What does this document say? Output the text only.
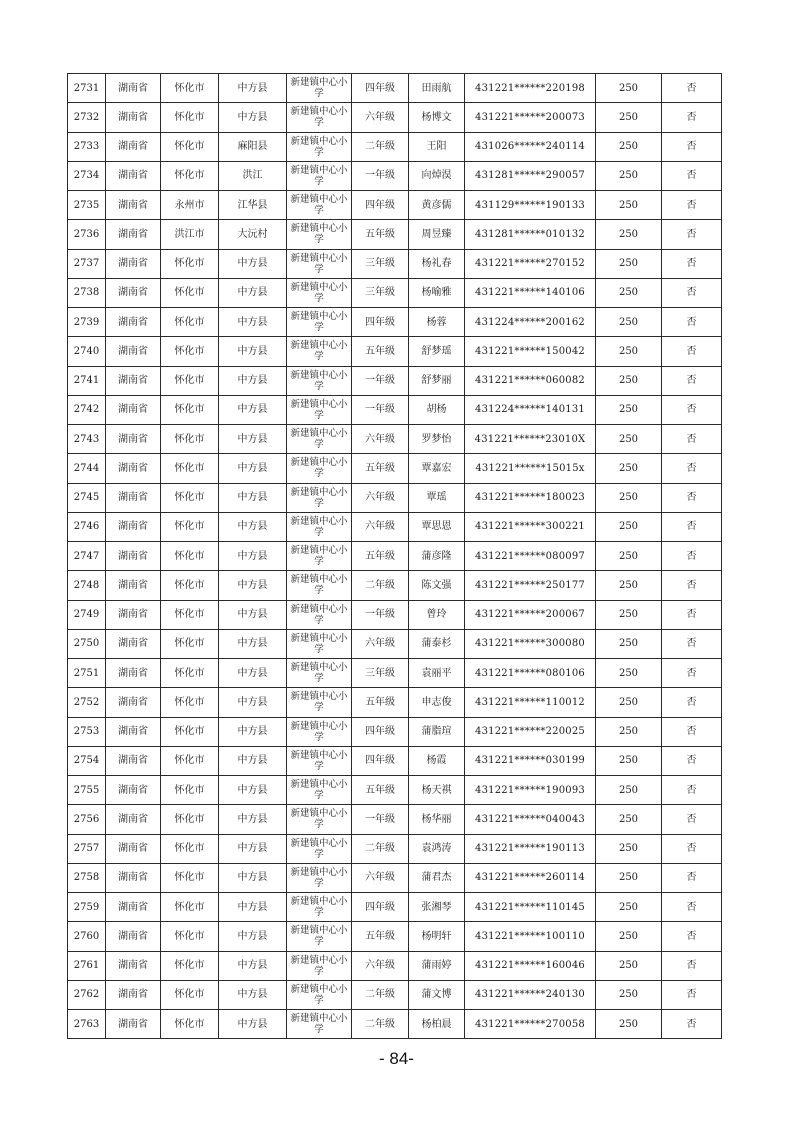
2731	湖南省	怀化市	中方县	新建镇中心小学	四年级	田雨航	431221******220198	250	否
2732	湖南省	怀化市	中方县	新建镇中心小学	六年级	杨博文	431221******200073	250	否
2733	湖南省	怀化市	麻阳县	新建镇中心小学	二年级	王阳	431026******240114	250	否
2734	湖南省	怀化市	洪江	新建镇中心小学	一年级	向焯淏	431281******290057	250	否
2735	湖南省	永州市	江华县	新建镇中心小学	四年级	黄彦儒	431129******190133	250	否
2736	湖南省	洪江市	大沅村	新建镇中心小学	五年级	周昱臻	431281******010132	250	否
2737	湖南省	怀化市	中方县	新建镇中心小学	三年级	杨礼春	431221******270152	250	否
2738	湖南省	怀化市	中方县	新建镇中心小学	三年级	杨喻雅	431221******140106	250	否
2739	湖南省	怀化市	中方县	新建镇中心小学	四年级	杨蓉	431224******200162	250	否
2740	湖南省	怀化市	中方县	新建镇中心小学	五年级	舒梦瑶	431221******150042	250	否
2741	湖南省	怀化市	中方县	新建镇中心小学	一年级	舒梦丽	431221******060082	250	否
2742	湖南省	怀化市	中方县	新建镇中心小学	一年级	胡杨	431224******140131	250	否
2743	湖南省	怀化市	中方县	新建镇中心小学	六年级	罗梦怡	431221******23010X	250	否
2744	湖南省	怀化市	中方县	新建镇中心小学	五年级	覃嘉宏	431221******15015x	250	否
2745	湖南省	怀化市	中方县	新建镇中心小学	六年级	覃瑶	431221******180023	250	否
2746	湖南省	怀化市	中方县	新建镇中心小学	六年级	覃思恩	431221******300221	250	否
2747	湖南省	怀化市	中方县	新建镇中心小学	五年级	蒲彦隆	431221******080097	250	否
2748	湖南省	怀化市	中方县	新建镇中心小学	二年级	陈文强	431221******250177	250	否
2749	湖南省	怀化市	中方县	新建镇中心小学	一年级	曾玲	431221******200067	250	否
2750	湖南省	怀化市	中方县	新建镇中心小学	六年级	蒲泰杉	431221******300080	250	否
2751	湖南省	怀化市	中方县	新建镇中心小学	三年级	袁丽平	431221******080106	250	否
2752	湖南省	怀化市	中方县	新建镇中心小学	五年级	申志俊	431221******110012	250	否
2753	湖南省	怀化市	中方县	新建镇中心小学	四年级	蒲脂瑄	431221******220025	250	否
2754	湖南省	怀化市	中方县	新建镇中心小学	四年级	杨霞	431221******030199	250	否
2755	湖南省	怀化市	中方县	新建镇中心小学	五年级	杨天祺	431221******190093	250	否
2756	湖南省	怀化市	中方县	新建镇中心小学	一年级	杨华丽	431221******040043	250	否
2757	湖南省	怀化市	中方县	新建镇中心小学	二年级	袁鸿涛	431221******190113	250	否
2758	湖南省	怀化市	中方县	新建镇中心小学	六年级	蒲君杰	431221******260114	250	否
2759	湖南省	怀化市	中方县	新建镇中心小学	四年级	张湘琴	431221******110145	250	否
2760	湖南省	怀化市	中方县	新建镇中心小学	五年级	杨明轩	431221******100110	250	否
2761	湖南省	怀化市	中方县	新建镇中心小学	六年级	蒲雨婷	431221******160046	250	否
2762	湖南省	怀化市	中方县	新建镇中心小学	二年级	蒲文博	431221******240130	250	否
2763	湖南省	怀化市	中方县	新建镇中心小学	二年级	杨柏晨	431221******270058	250	否
- 84-
